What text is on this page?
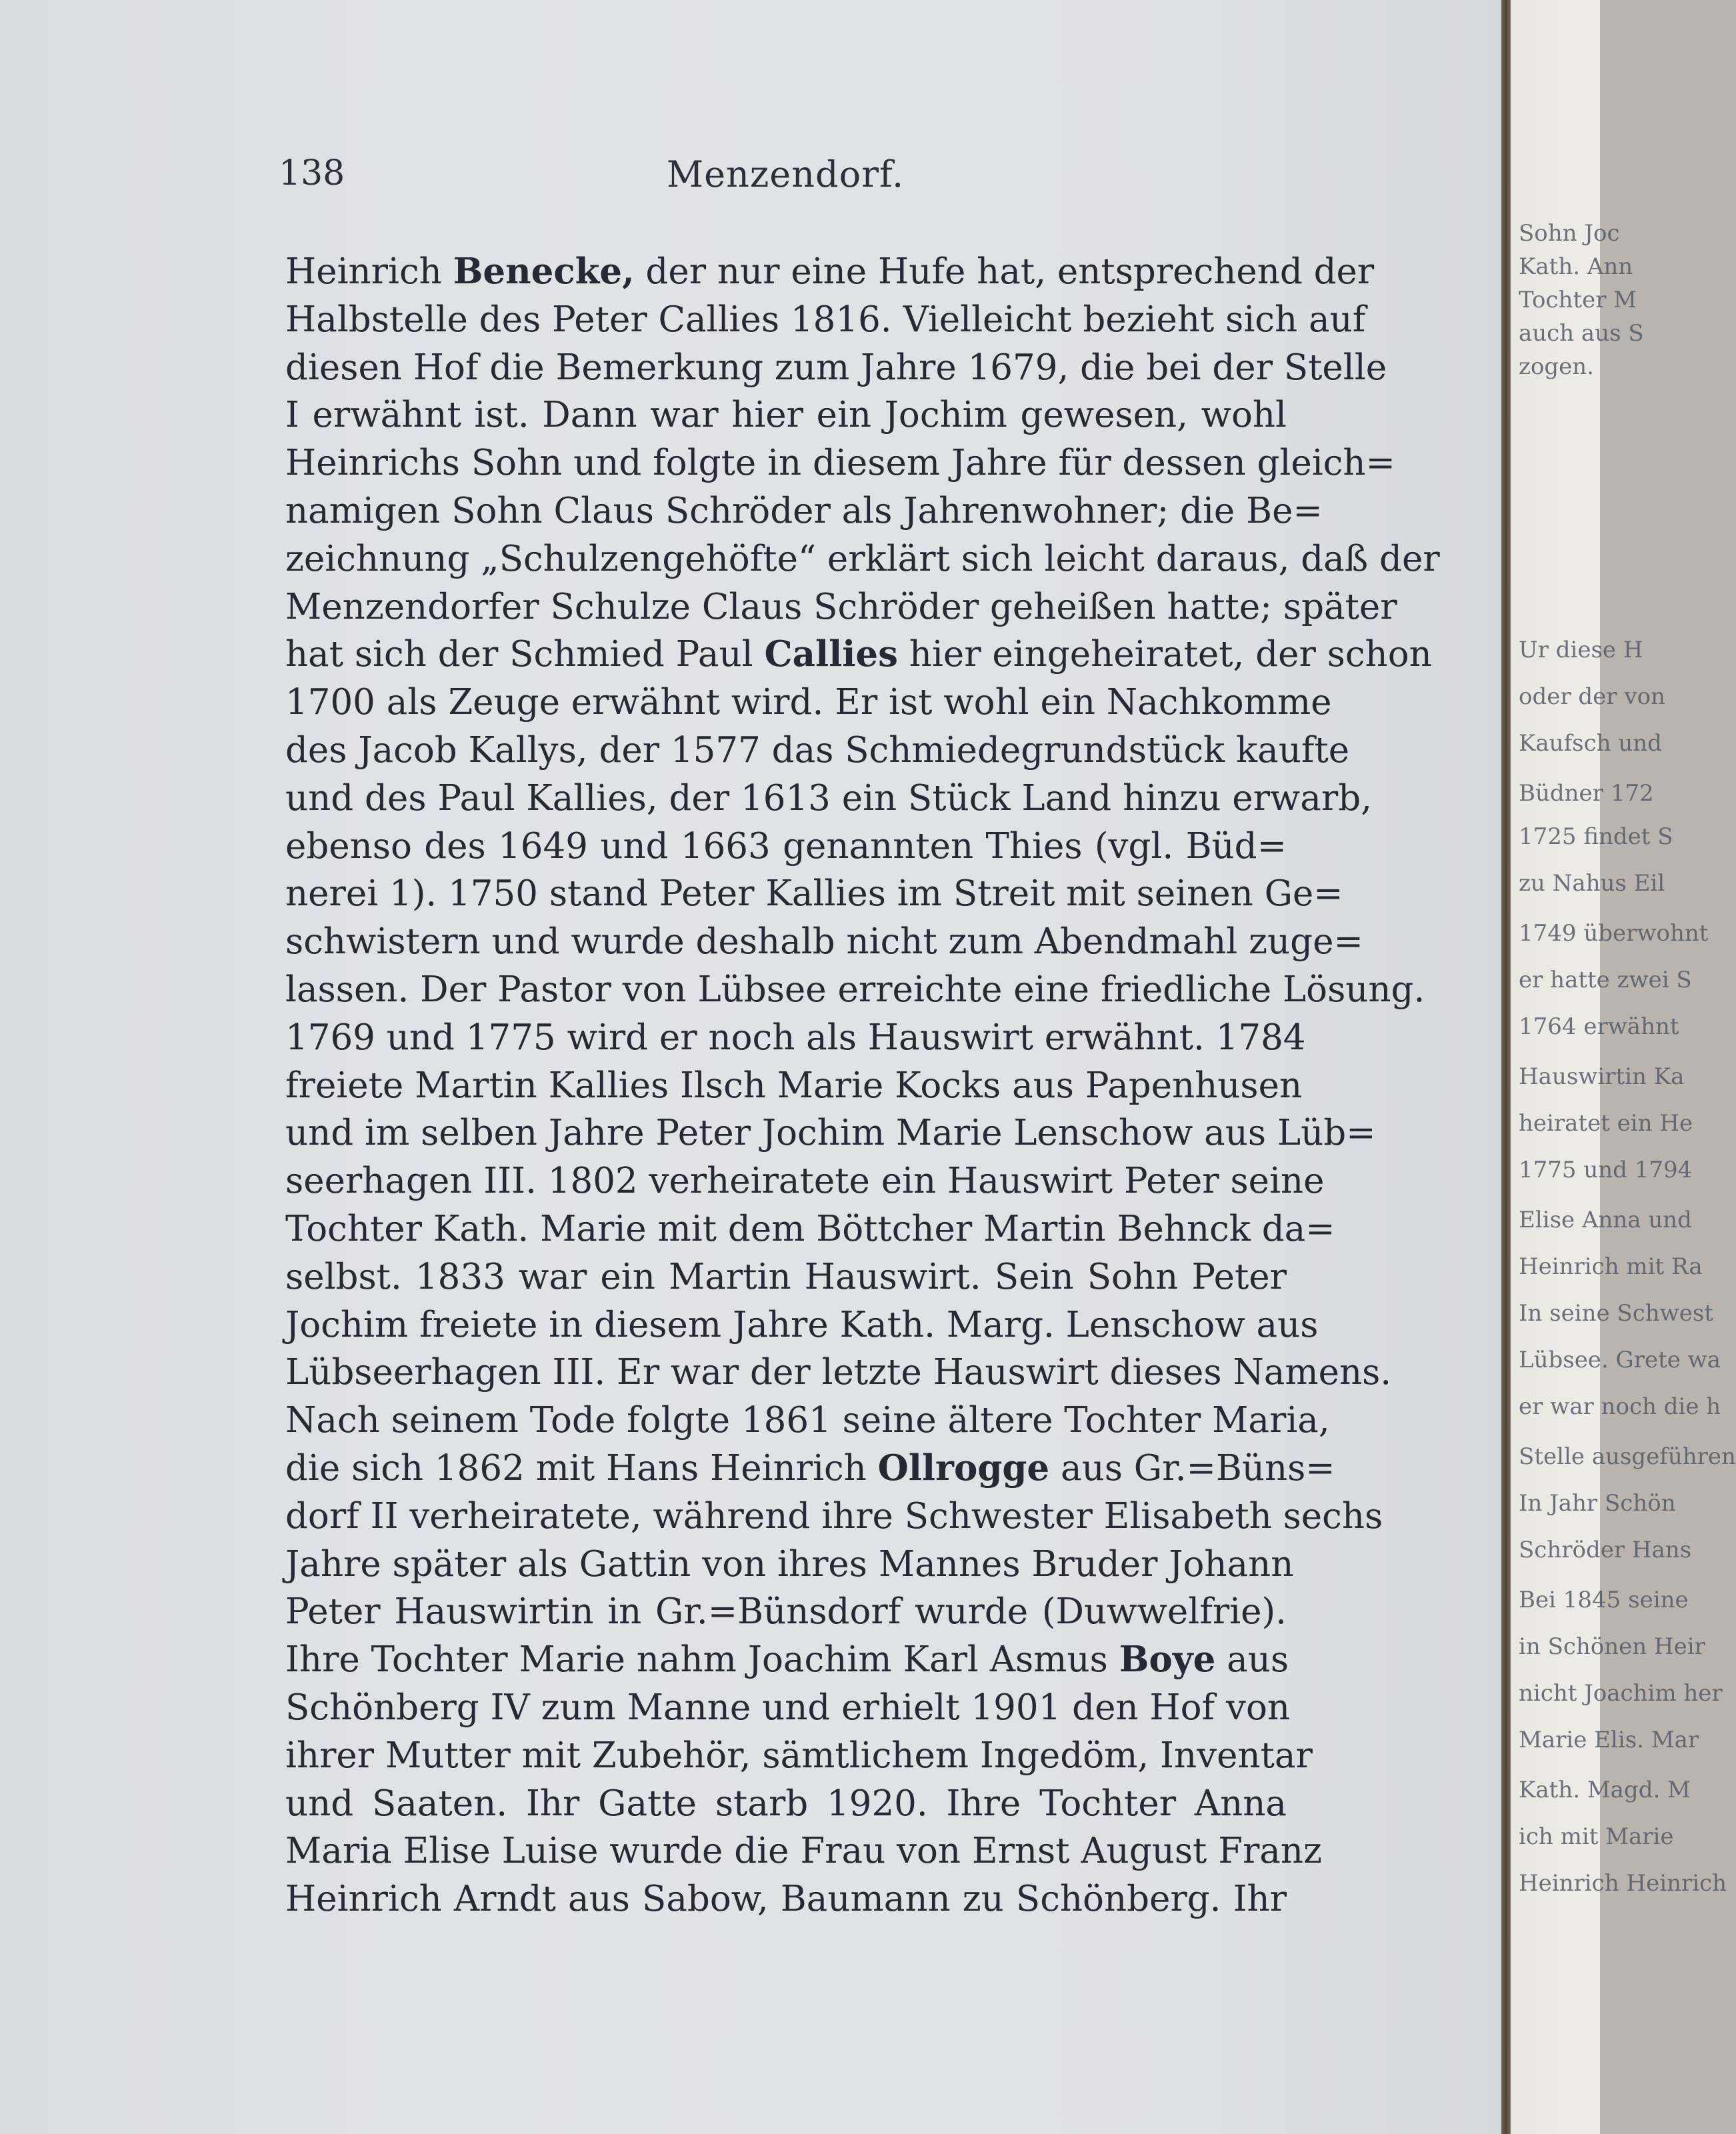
Sohn Joc
Kath. Ann
Tochter M
auch aus S
zogen.
Ur diese H
oder der von
Kaufsch und
Büdner 172
1725 findet S
zu Nahus Eil
1749 überwohnt
er hatte zwei S
1764 erwähnt
Hauswirtin Ka
heiratet ein He
1775 und 1794
Elise Anna und
Heinrich mit Ra
In seine Schwest
Lübsee. Grete wa
er war noch die h
Stelle ausgeführen
In Jahr Schön
Schröder Hans
Bei 1845 seine
in Schönen Heir
nicht Joachim her
Marie Elis. Mar
Kath. Magd. M
ich mit Marie
Heinrich Heinrich
138	Menzendorf.
Heinrich Benecke, der nur eine Hufe hat, entsprechend der
Halbstelle des Peter Callies 1816. Vielleicht bezieht sich auf
diesen Hof die Bemerkung zum Jahre 1679, die bei der Stelle
I erwähnt ist. Dann war hier ein Jochim gewesen, wohl
Heinrichs Sohn und folgte in diesem Jahre für dessen gleich=
namigen Sohn Claus Schröder als Jahrenwohner; die Be=
zeichnung „Schulzengehöfte“ erklärt sich leicht daraus, daß der
Menzendorfer Schulze Claus Schröder geheißen hatte; später
hat sich der Schmied Paul Callies hier eingeheiratet, der schon
1700 als Zeuge erwähnt wird. Er ist wohl ein Nachkomme
des Jacob Kallys, der 1577 das Schmiedegrundstück kaufte
und des Paul Kallies, der 1613 ein Stück Land hinzu erwarb,
ebenso des 1649 und 1663 genannten Thies (vgl. Büd=
nerei 1). 1750 stand Peter Kallies im Streit mit seinen Ge=
schwistern und wurde deshalb nicht zum Abendmahl zuge=
lassen. Der Pastor von Lübsee erreichte eine friedliche Lösung.
1769 und 1775 wird er noch als Hauswirt erwähnt. 1784
freiete Martin Kallies Ilsch Marie Kocks aus Papenhusen
und im selben Jahre Peter Jochim Marie Lenschow aus Lüb=
seerhagen III. 1802 verheiratete ein Hauswirt Peter seine
Tochter Kath. Marie mit dem Böttcher Martin Behnck da=
selbst. 1833 war ein Martin Hauswirt. Sein Sohn Peter
Jochim freiete in diesem Jahre Kath. Marg. Lenschow aus
Lübseerhagen III. Er war der letzte Hauswirt dieses Namens.
Nach seinem Tode folgte 1861 seine ältere Tochter Maria,
die sich 1862 mit Hans Heinrich Ollrogge aus Gr.=Büns=
dorf II verheiratete, während ihre Schwester Elisabeth sechs
Jahre später als Gattin von ihres Mannes Bruder Johann
Peter Hauswirtin in Gr.=Bünsdorf wurde (Duwwelfrie).
Ihre Tochter Marie nahm Joachim Karl Asmus Boye aus
Schönberg IV zum Manne und erhielt 1901 den Hof von
ihrer Mutter mit Zubehör, sämtlichem Ingedöm, Inventar
und Saaten. Ihr Gatte starb 1920. Ihre Tochter Anna
Maria Elise Luise wurde die Frau von Ernst August Franz
Heinrich Arndt aus Sabow, Baumann zu Schönberg. Ihr
